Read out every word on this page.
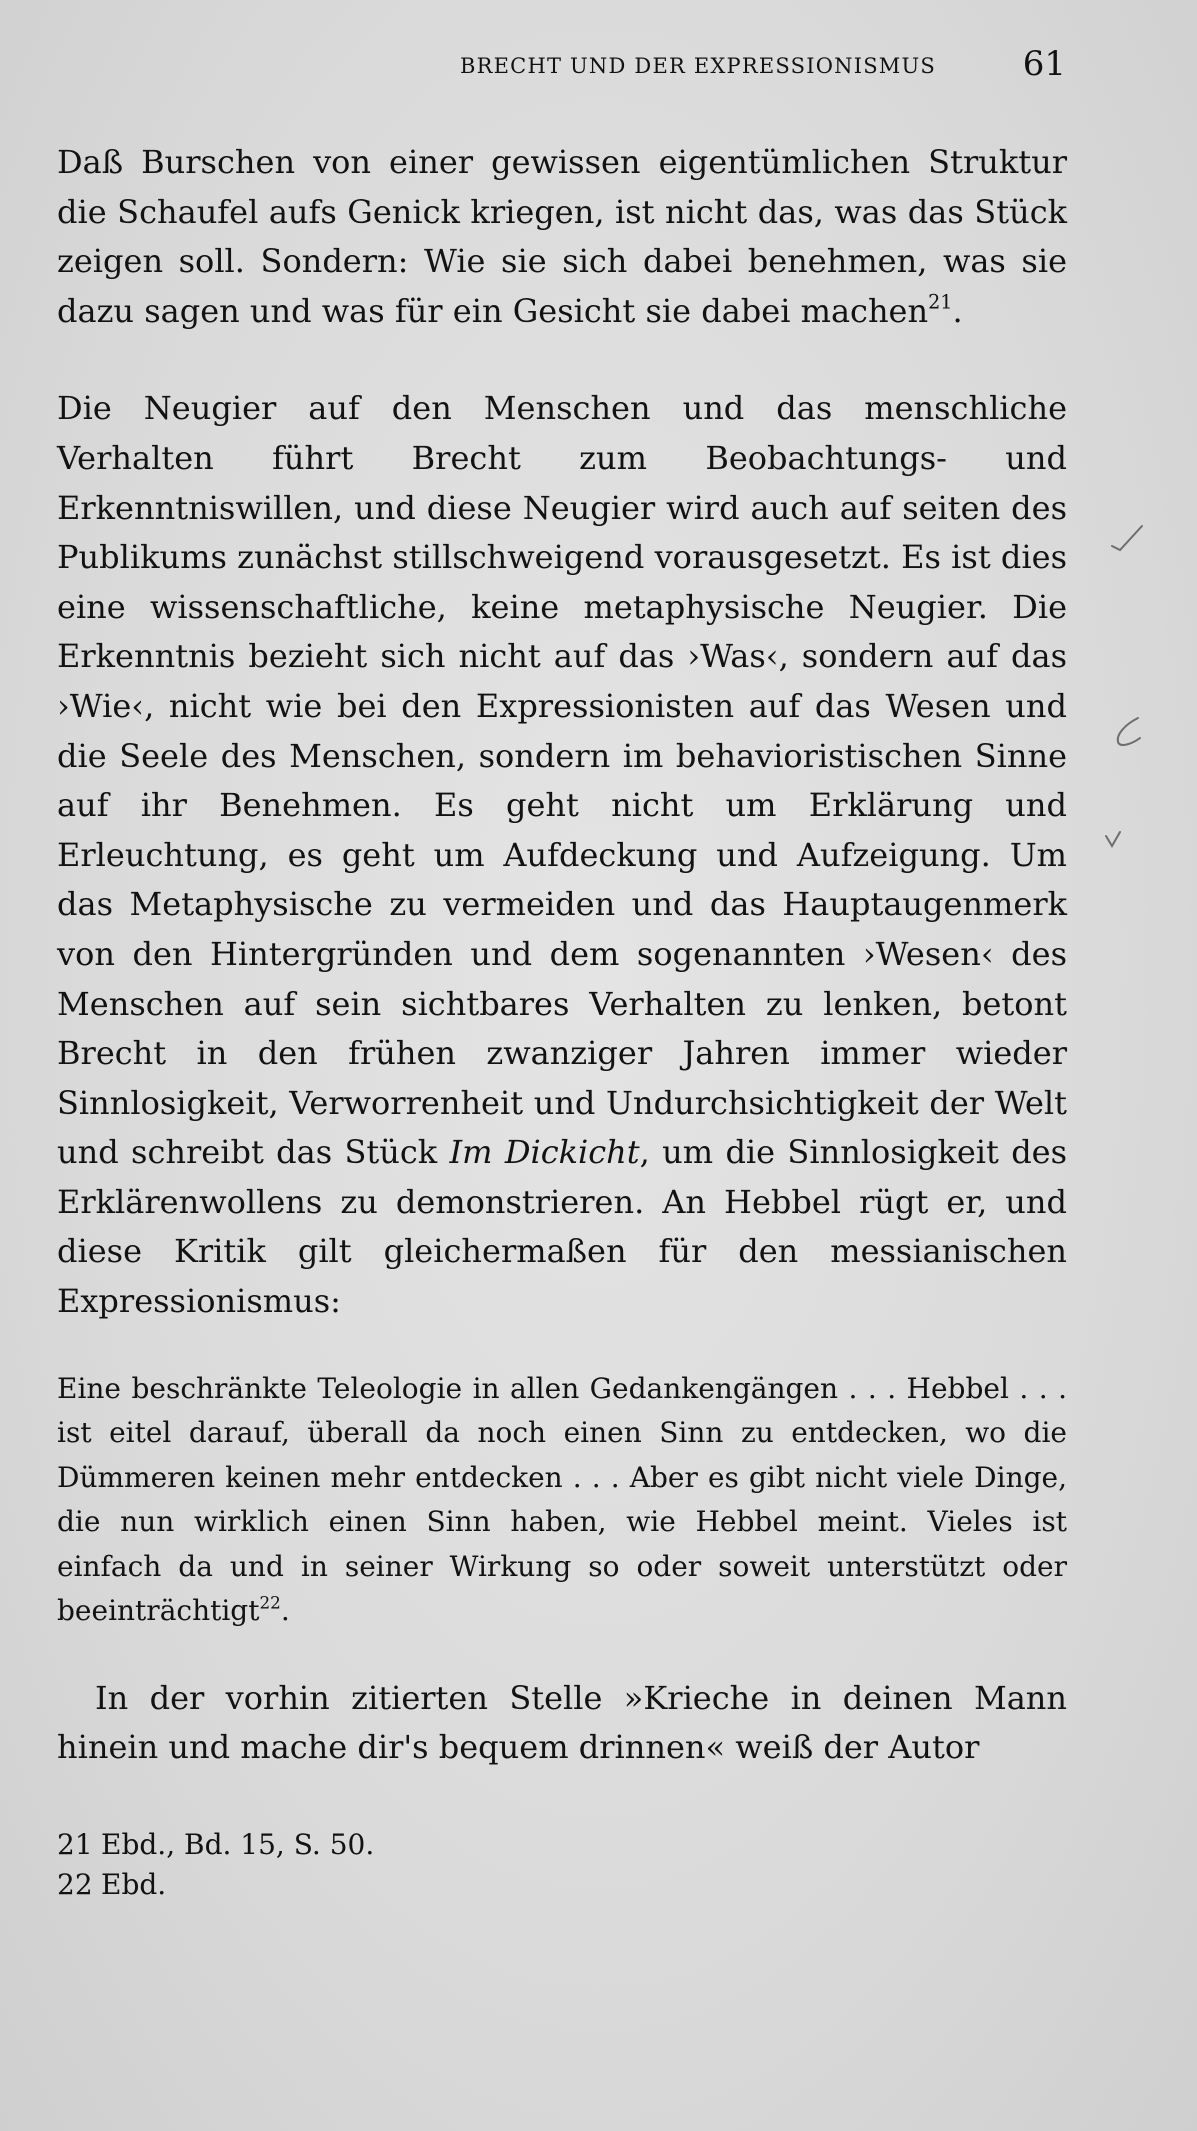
BRECHT UND DER EXPRESSIONISMUS	61

Daß Burschen von einer gewissen eigentümlichen Struktur die Schaufel aufs Genick kriegen, ist nicht das, was das Stück zeigen soll. Sondern: Wie sie sich dabei benehmen, was sie dazu sagen und was für ein Gesicht sie dabei machen$^{21}$.

Die Neugier auf den Menschen und das menschliche Verhalten führt Brecht zum Beobachtungs- und Erkenntniswillen, und diese Neugier wird auch auf seiten des Publikums zunächst stillschweigend vorausgesetzt. Es ist dies eine wissenschaftliche, keine metaphysische Neugier. Die Erkenntnis bezieht sich nicht auf das ›Was‹, sondern auf das ›Wie‹, nicht wie bei den Expressionisten auf das Wesen und die Seele des Menschen, sondern im behavioristischen Sinne auf ihr Benehmen. Es geht nicht um Erklärung und Erleuchtung, es geht um Aufdeckung und Aufzeigung. Um das Metaphysische zu vermeiden und das Hauptaugenmerk von den Hintergründen und dem sogenannten ›Wesen‹ des Menschen auf sein sichtbares Verhalten zu lenken, betont Brecht in den frühen zwanziger Jahren immer wieder Sinnlosigkeit, Verworrenheit und Undurchsichtigkeit der Welt und schreibt das Stück Im Dickicht, um die Sinnlosigkeit des Erklärenwollens zu demonstrieren. An Hebbel rügt er, und diese Kritik gilt gleichermaßen für den messianischen Expressionismus:

Eine beschränkte Teleologie in allen Gedankengängen . . . Hebbel . . . ist eitel darauf, überall da noch einen Sinn zu entdecken, wo die Dümmeren keinen mehr entdecken . . . Aber es gibt nicht viele Dinge, die nun wirklich einen Sinn haben, wie Hebbel meint. Vieles ist einfach da und in seiner Wirkung so oder soweit unterstützt oder beeinträchtigt$^{22}$.

In der vorhin zitierten Stelle »Krieche in deinen Mann hinein und mache dir's bequem drinnen« weiß der Autor

21 Ebd., Bd. 15, S. 50.
22 Ebd.
